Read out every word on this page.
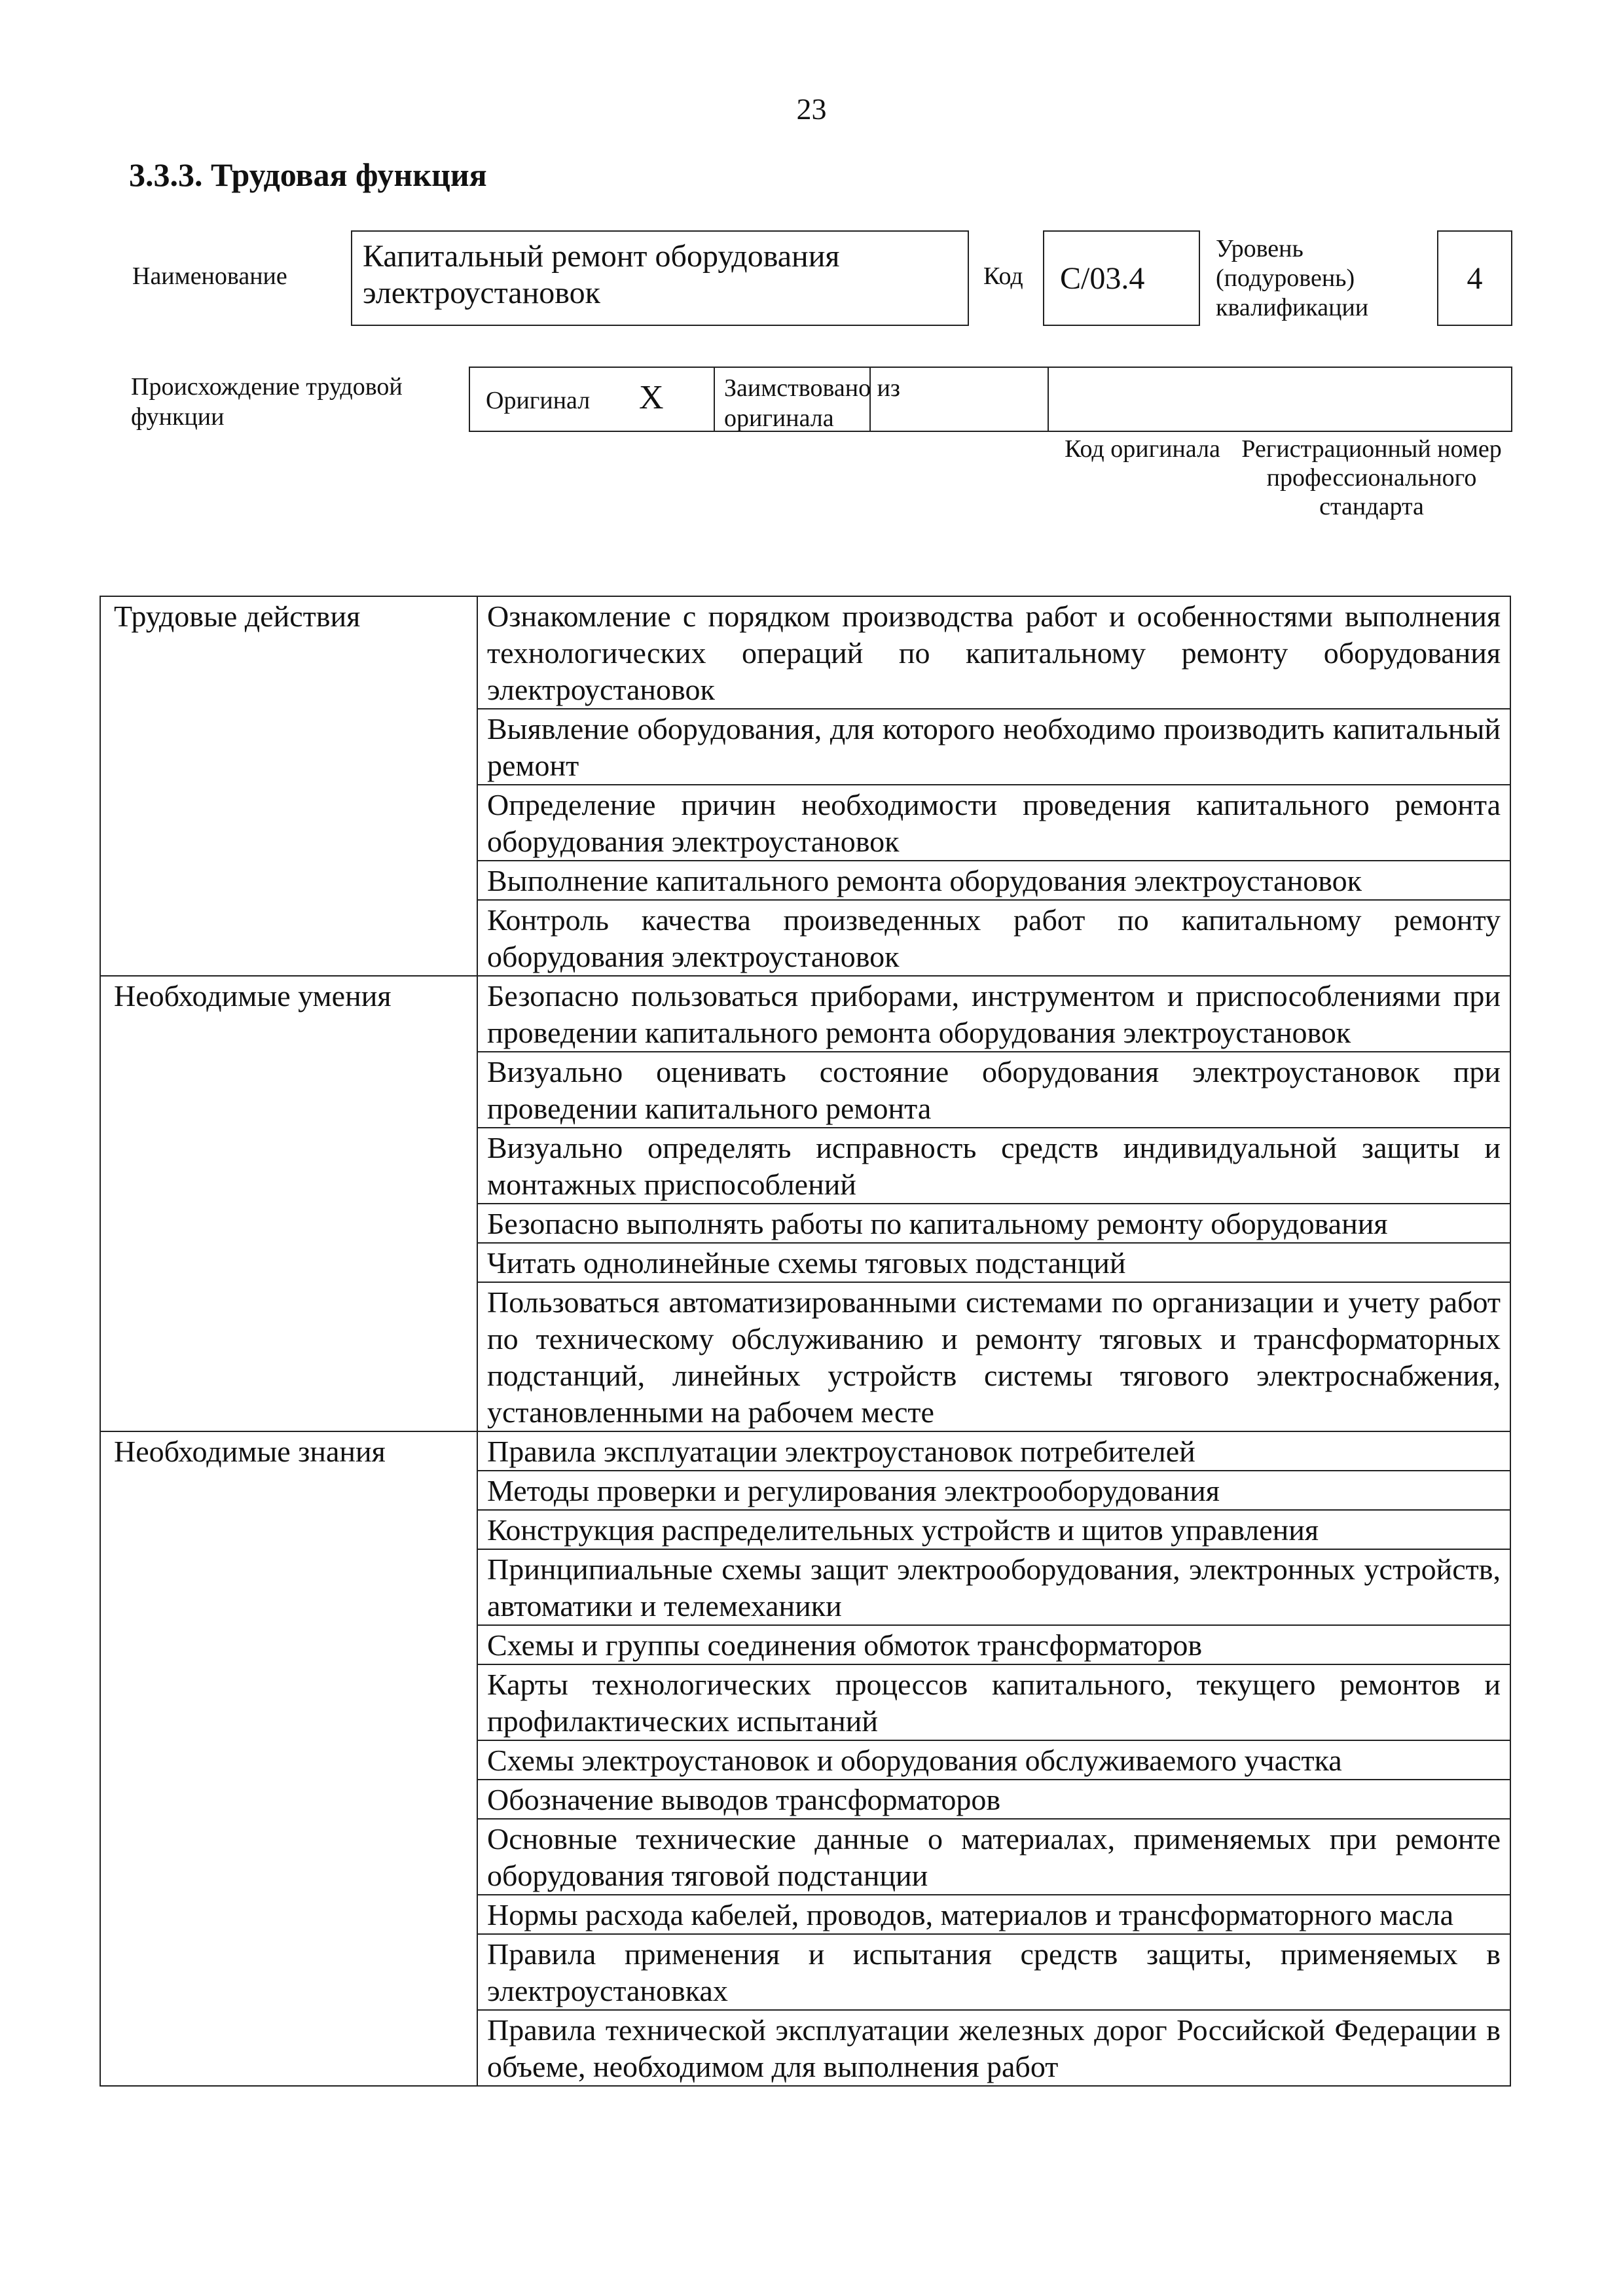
23
3.3.3. Трудовая функция
Наименование
Капитальный ремонт оборудования электроустановок	Код	C/03.4
Уровень (подуровень) квалификации
4
Происхождение трудовой функции
Оригинал X Заимствовано из оригинала
Код оригинала Регистрационный номер профессионального стандарта
Трудовые действия	Ознакомление с порядком производства работ и особенностями выполнения технологических операций по капитальному ремонту оборудования электроустановок
	Выявление оборудования, для которого необходимо производить капитальный ремонт
	Определение причин необходимости проведения капитального ремонта оборудования электроустановок
	Выполнение капитального ремонта оборудования электроустановок
	Контроль качества произведенных работ по капитальному ремонту оборудования электроустановок
Необходимые умения	Безопасно пользоваться приборами, инструментом и приспособлениями при проведении капитального ремонта оборудования электроустановок
	Визуально оценивать состояние оборудования электроустановок при проведении капитального ремонта
	Визуально определять исправность средств индивидуальной защиты и монтажных приспособлений
	Безопасно выполнять работы по капитальному ремонту оборудования
	Читать однолинейные схемы тяговых подстанций
	Пользоваться автоматизированными системами по организации и учету работ по техническому обслуживанию и ремонту тяговых и трансформаторных подстанций, линейных устройств системы тягового электроснабжения, установленными на рабочем месте
Необходимые знания	Правила эксплуатации электроустановок потребителей
	Методы проверки и регулирования электрооборудования
	Конструкция распределительных устройств и щитов управления
	Принципиальные схемы защит электрооборудования, электронных устройств, автоматики и телемеханики
	Схемы и группы соединения обмоток трансформаторов
	Карты технологических процессов капитального, текущего ремонтов и профилактических испытаний
	Схемы электроустановок и оборудования обслуживаемого участка
	Обозначение выводов трансформаторов
	Основные технические данные о материалах, применяемых при ремонте оборудования тяговой подстанции
	Нормы расхода кабелей, проводов, материалов и трансформаторного масла
	Правила применения и испытания средств защиты, применяемых в электроустановках
	Правила технической эксплуатации железных дорог Российской Федерации в объеме, необходимом для выполнения работ
